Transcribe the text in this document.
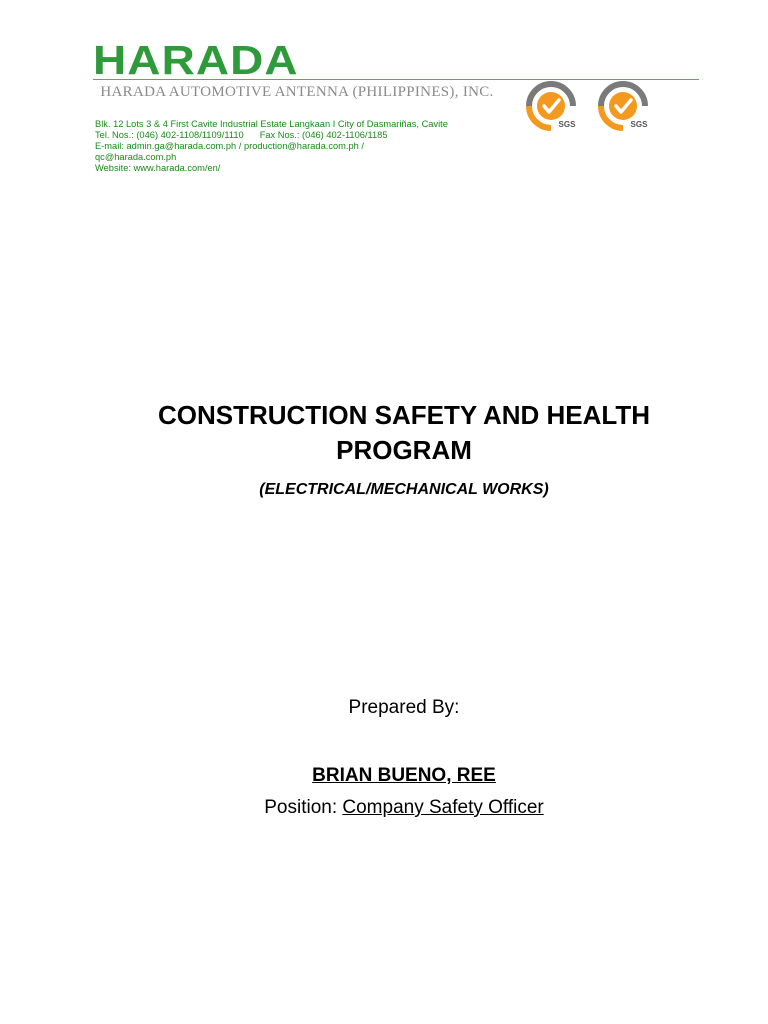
HARADA
HARADA AUTOMOTIVE ANTENNA (PHILIPPINES), INC.
Blk. 12 Lots 3 & 4 First Cavite Industrial Estate Langkaan I City of Dasmariñas, Cavite
Tel. Nos.: (046) 402-1108/1109/1110 Fax Nos.: (046) 402-1106/1185
E-mail: admin.ga@harada.com.ph / production@harada.com.ph /
qc@harada.com.ph
Website: www.harada.com/en/
SGS	SGS
CONSTRUCTION SAFETY AND HEALTH
PROGRAM
(ELECTRICAL/MECHANICAL WORKS)
Prepared By:
BRIAN BUENO, REE
Position: Company Safety Officer
